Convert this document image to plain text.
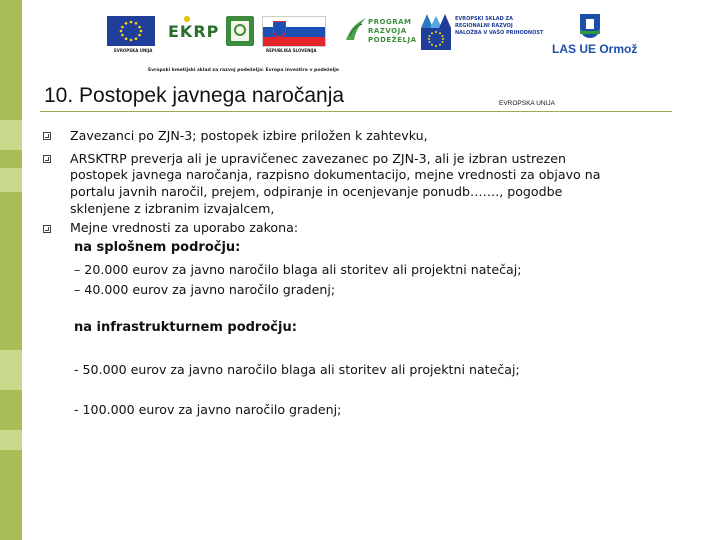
EVROPSKA UNIJA
EKRP
REPUBLIKA SLOVENIJA
PROGRAM
RAZVOJA
PODEŽELJA
EVROPSKA UNIJA
EVROPSKI SKLAD ZA
REGIONALNI RAZVOJ
NALOŽBA V VAŠO PRIHODNOST
LAS UE Ormož
Evropski kmetijski sklad za razvoj podeželja: Evropa investira v podeželje
10. Postopek javnega naročanja

Zavezanci po ZJN-3; postopek izbire priložen k zahtevku,

ARSKTRP preverja ali je upravičenec zavezanec po ZJN-3, ali je izbran ustrezen

postopek javnega naročanja, razpisno dokumentacijo, mejne vrednosti za objavo na

portalu javnih naročil, prejem, odpiranje in ocenjevanje ponudb……., pogodbe

sklenjene z izbranim izvajalcem,

Mejne vrednosti za uporabo zakona:

na splošnem področju:

– 20.000 eurov za javno naročilo blaga ali storitev ali projektni natečaj;

– 40.000 eurov za javno naročilo gradenj;

na infrastrukturnem področju:

- 50.000 eurov za javno naročilo blaga ali storitev ali projektni natečaj;

- 100.000 eurov za javno naročilo gradenj;
